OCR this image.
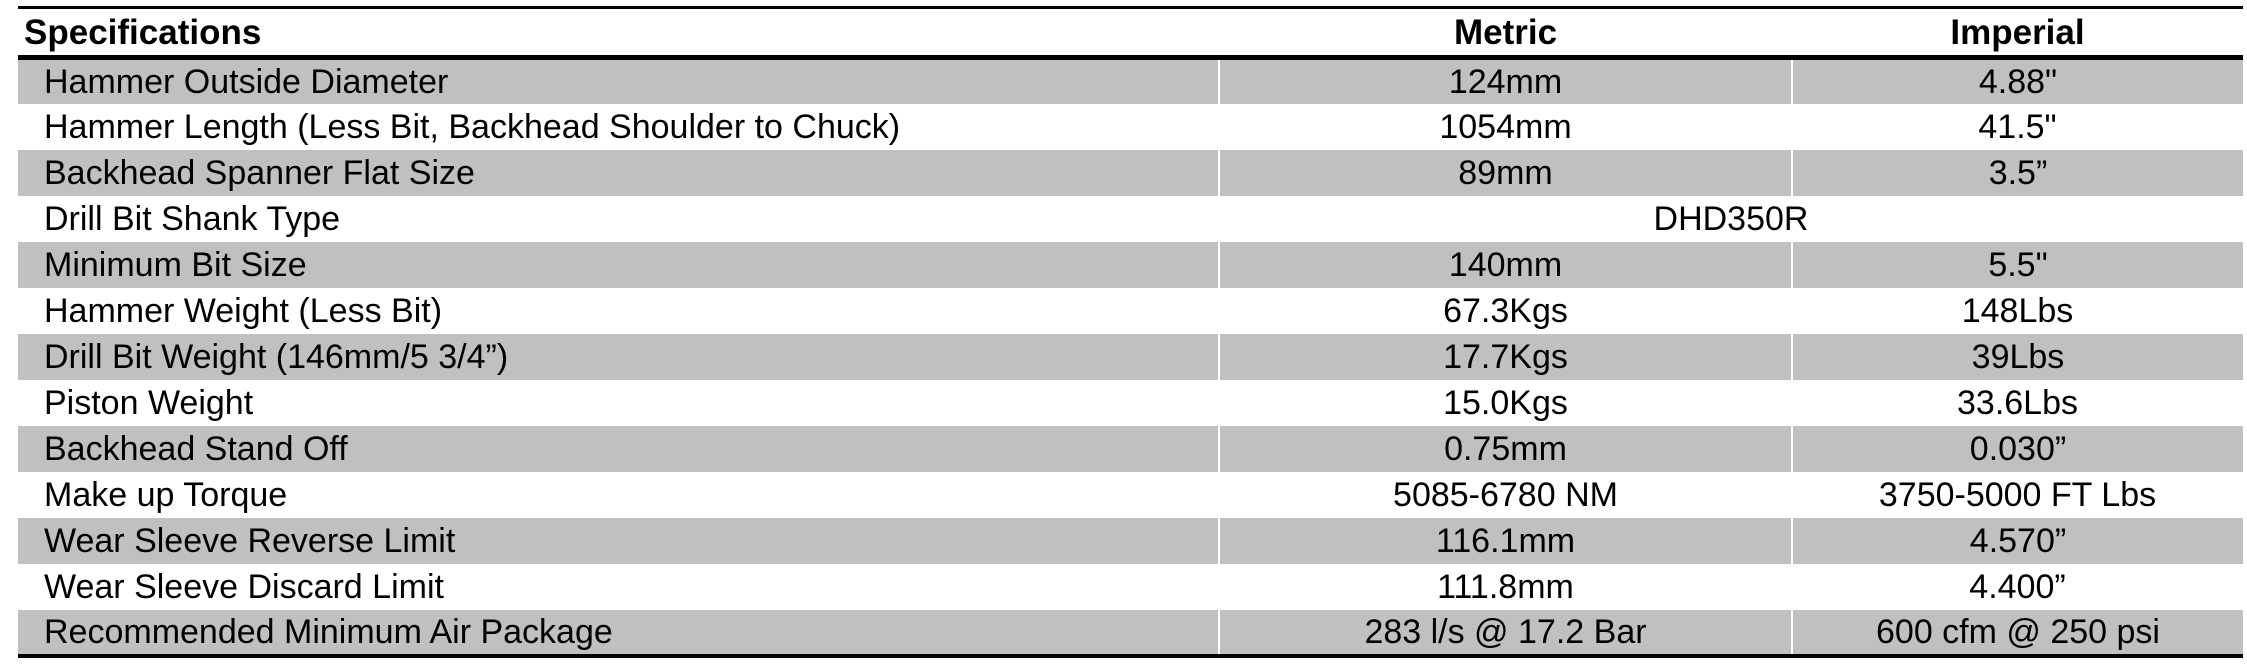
Specifications	Metric	Imperial
Hammer Outside Diameter	124mm	4.88"
Hammer Length (Less Bit, Backhead Shoulder to Chuck)	1054mm	41.5"
Backhead Spanner Flat Size	89mm	3.5”
Drill Bit Shank Type	DHD350R	
Minimum Bit Size	140mm	5.5"
Hammer Weight (Less Bit)	67.3Kgs	148Lbs
Drill Bit Weight (146mm/5 3/4”)	17.7Kgs	39Lbs
Piston Weight	15.0Kgs	33.6Lbs
Backhead Stand Off	0.75mm	0.030”
Make up Torque	5085-6780 NM	3750-5000 FT Lbs
Wear Sleeve Reverse Limit	116.1mm	4.570”
Wear Sleeve Discard Limit	111.8mm	4.400”
Recommended Minimum Air Package	283 l/s @ 17.2 Bar	600 cfm @ 250 psi
